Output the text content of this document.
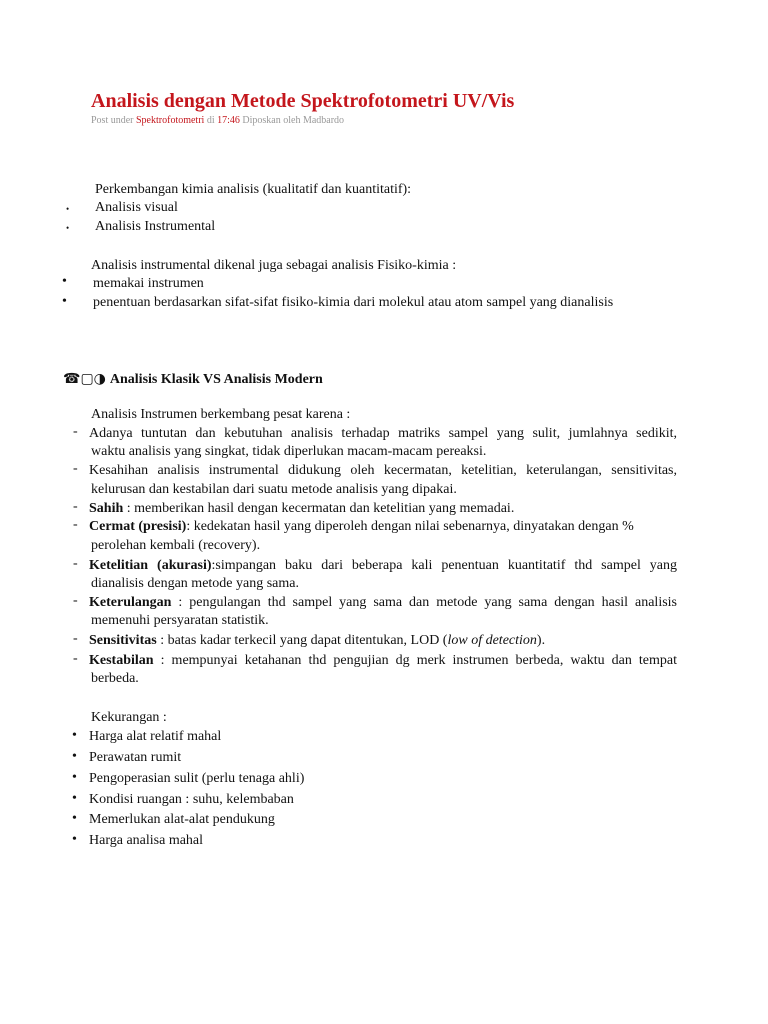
Analisis dengan Metode Spektrofotometri UV/Vis
Post under Spektrofotometri di 17:46 Diposkan oleh Madbardo
Perkembangan kimia analisis (kualitatif dan kuantitatif):
• Analisis visual
• Analisis Instrumental
Analisis instrumental dikenal juga sebagai analisis Fisiko-kimia :
• memakai instrumen
• penentuan berdasarkan sifat-sifat fisiko-kimia dari molekul atau atom sampel yang dianalisis
☎▢◑ Analisis Klasik VS Analisis Modern
Analisis Instrumen berkembang pesat karena :
- Adanya tuntutan dan kebutuhan analisis terhadap matriks sampel yang sulit, jumlahnya sedikit,
waktu analisis yang singkat, tidak diperlukan macam-macam pereaksi.
- Kesahihan analisis instrumental didukung oleh kecermatan, ketelitian, keterulangan, sensitivitas,
kelurusan dan kestabilan dari suatu metode analisis yang dipakai.
- Sahih : memberikan hasil dengan kecermatan dan ketelitian yang memadai.
- Cermat (presisi): kedekatan hasil yang diperoleh dengan nilai sebenarnya, dinyatakan dengan %
perolehan kembali (recovery).
- Ketelitian (akurasi):simpangan baku dari beberapa kali penentuan kuantitatif thd sampel yang
dianalisis dengan metode yang sama.
- Keterulangan : pengulangan thd sampel yang sama dan metode yang sama dengan hasil analisis
memenuhi persyaratan statistik.
- Sensitivitas : batas kadar terkecil yang dapat ditentukan, LOD (low of detection).
- Kestabilan : mempunyai ketahanan thd pengujian dg merk instrumen berbeda, waktu dan tempat
berbeda.
Kekurangan :
• Harga alat relatif mahal
• Perawatan rumit
• Pengoperasian sulit (perlu tenaga ahli)
• Kondisi ruangan : suhu, kelembaban
• Memerlukan alat-alat pendukung
• Harga analisa mahal
